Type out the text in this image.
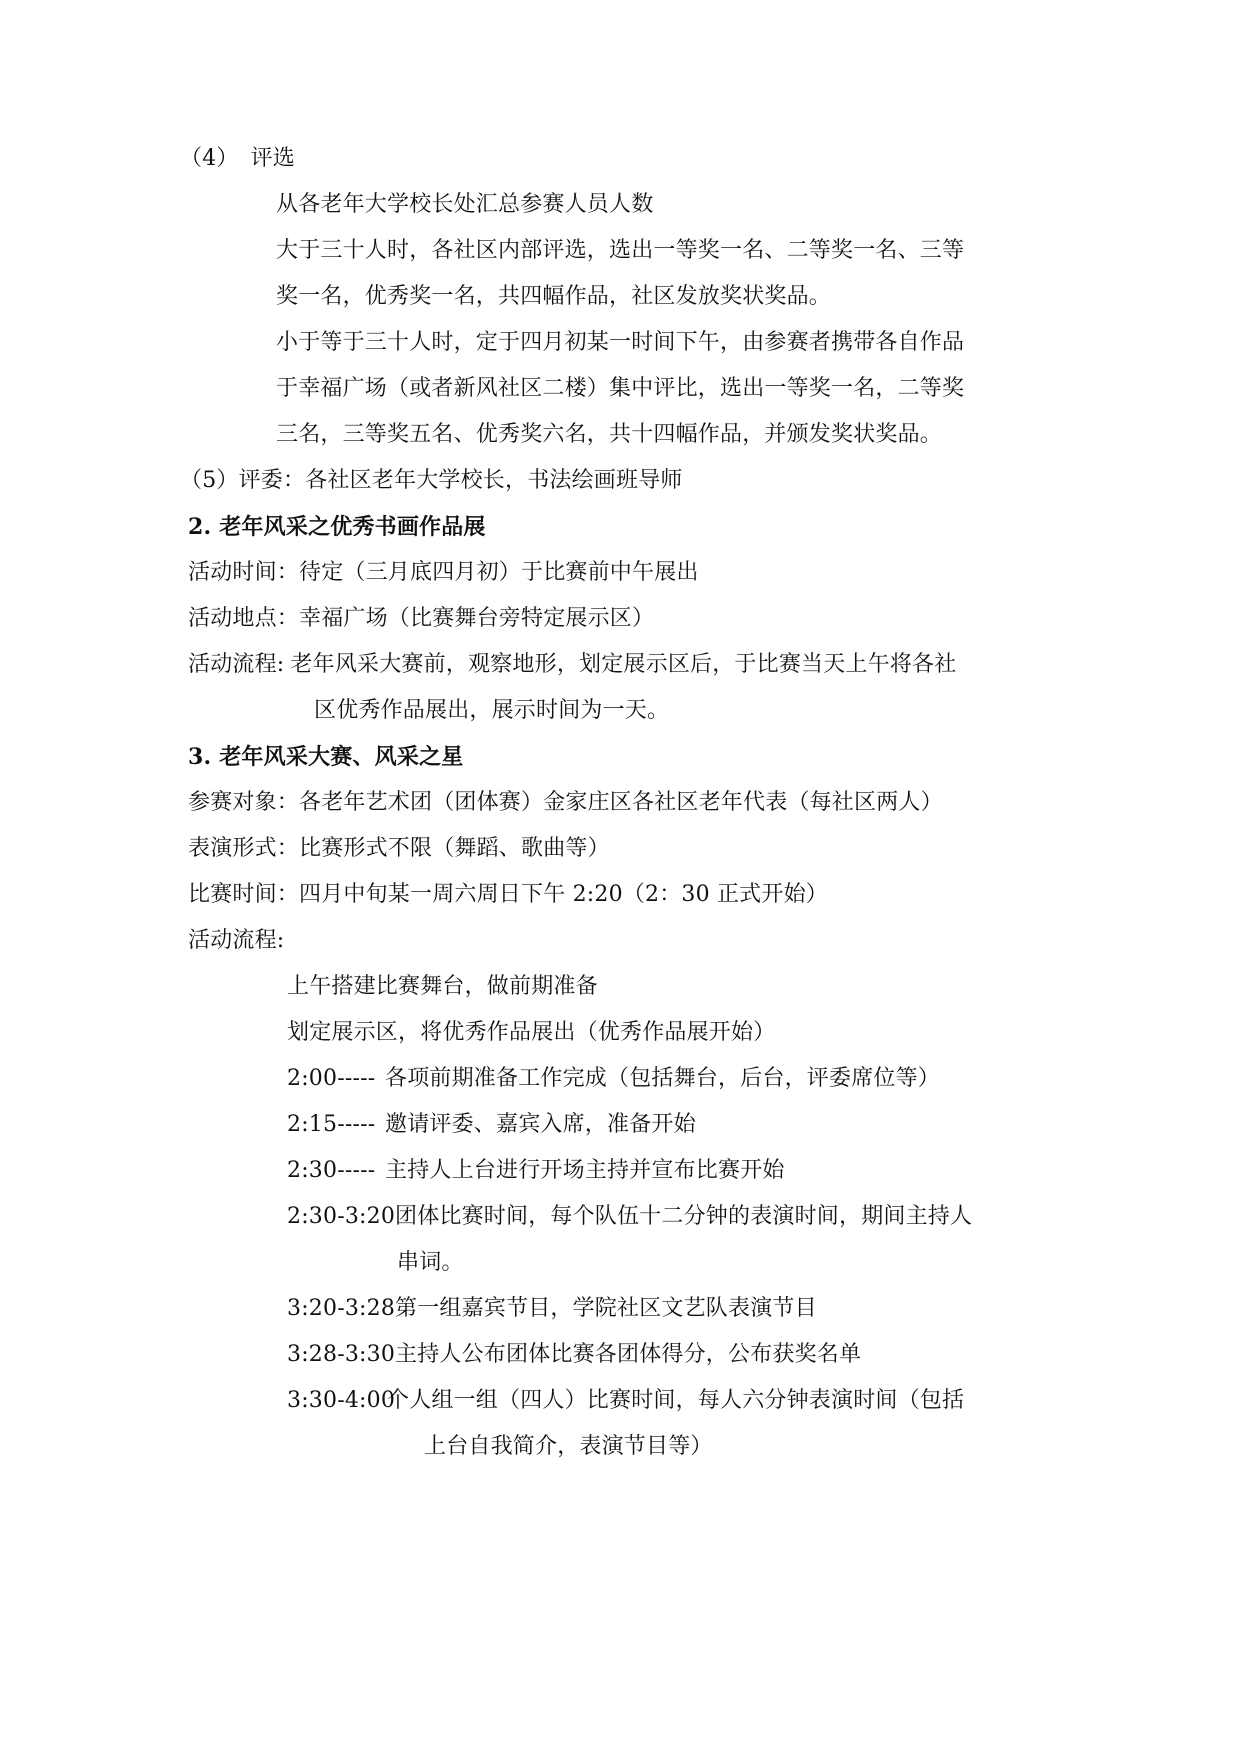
（4） 评选
从各老年大学校长处汇总参赛人员人数
大于三十人时，各社区内部评选，选出一等奖一名、二等奖一名、三等
奖一名，优秀奖一名，共四幅作品，社区发放奖状奖品。
小于等于三十人时，定于四月初某一时间下午，由参赛者携带各自作品
于幸福广场（或者新风社区二楼）集中评比，选出一等奖一名，二等奖
三名，三等奖五名、优秀奖六名，共十四幅作品，并颁发奖状奖品。
（5）评委：各社区老年大学校长，书法绘画班导师
2. 老年风采之优秀书画作品展
活动时间：待定（三月底四月初）于比赛前中午展出
活动地点：幸福广场（比赛舞台旁特定展示区）
活动流程: 老年风采大赛前，观察地形，划定展示区后，于比赛当天上午将各社
区优秀作品展出，展示时间为一天。
3. 老年风采大赛、风采之星
参赛对象：各老年艺术团（团体赛）金家庄区各社区老年代表（每社区两人）
表演形式：比赛形式不限（舞蹈、歌曲等）
比赛时间：四月中旬某一周六周日下午 2:20（2：30 正式开始）
活动流程:
上午搭建比赛舞台，做前期准备
划定展示区，将优秀作品展出（优秀作品展开始）
2:00----- 各项前期准备工作完成（包括舞台，后台，评委席位等）
2:15----- 邀请评委、嘉宾入席，准备开始
2:30----- 主持人上台进行开场主持并宣布比赛开始
2:30-3:20团体比赛时间，每个队伍十二分钟的表演时间，期间主持人
串词。
3:20-3:28第一组嘉宾节目，学院社区文艺队表演节目
3:28-3:30主持人公布团体比赛各团体得分，公布获奖名单
3:30-4:00个人组一组（四人）比赛时间，每人六分钟表演时间（包括
上台自我简介，表演节目等）
